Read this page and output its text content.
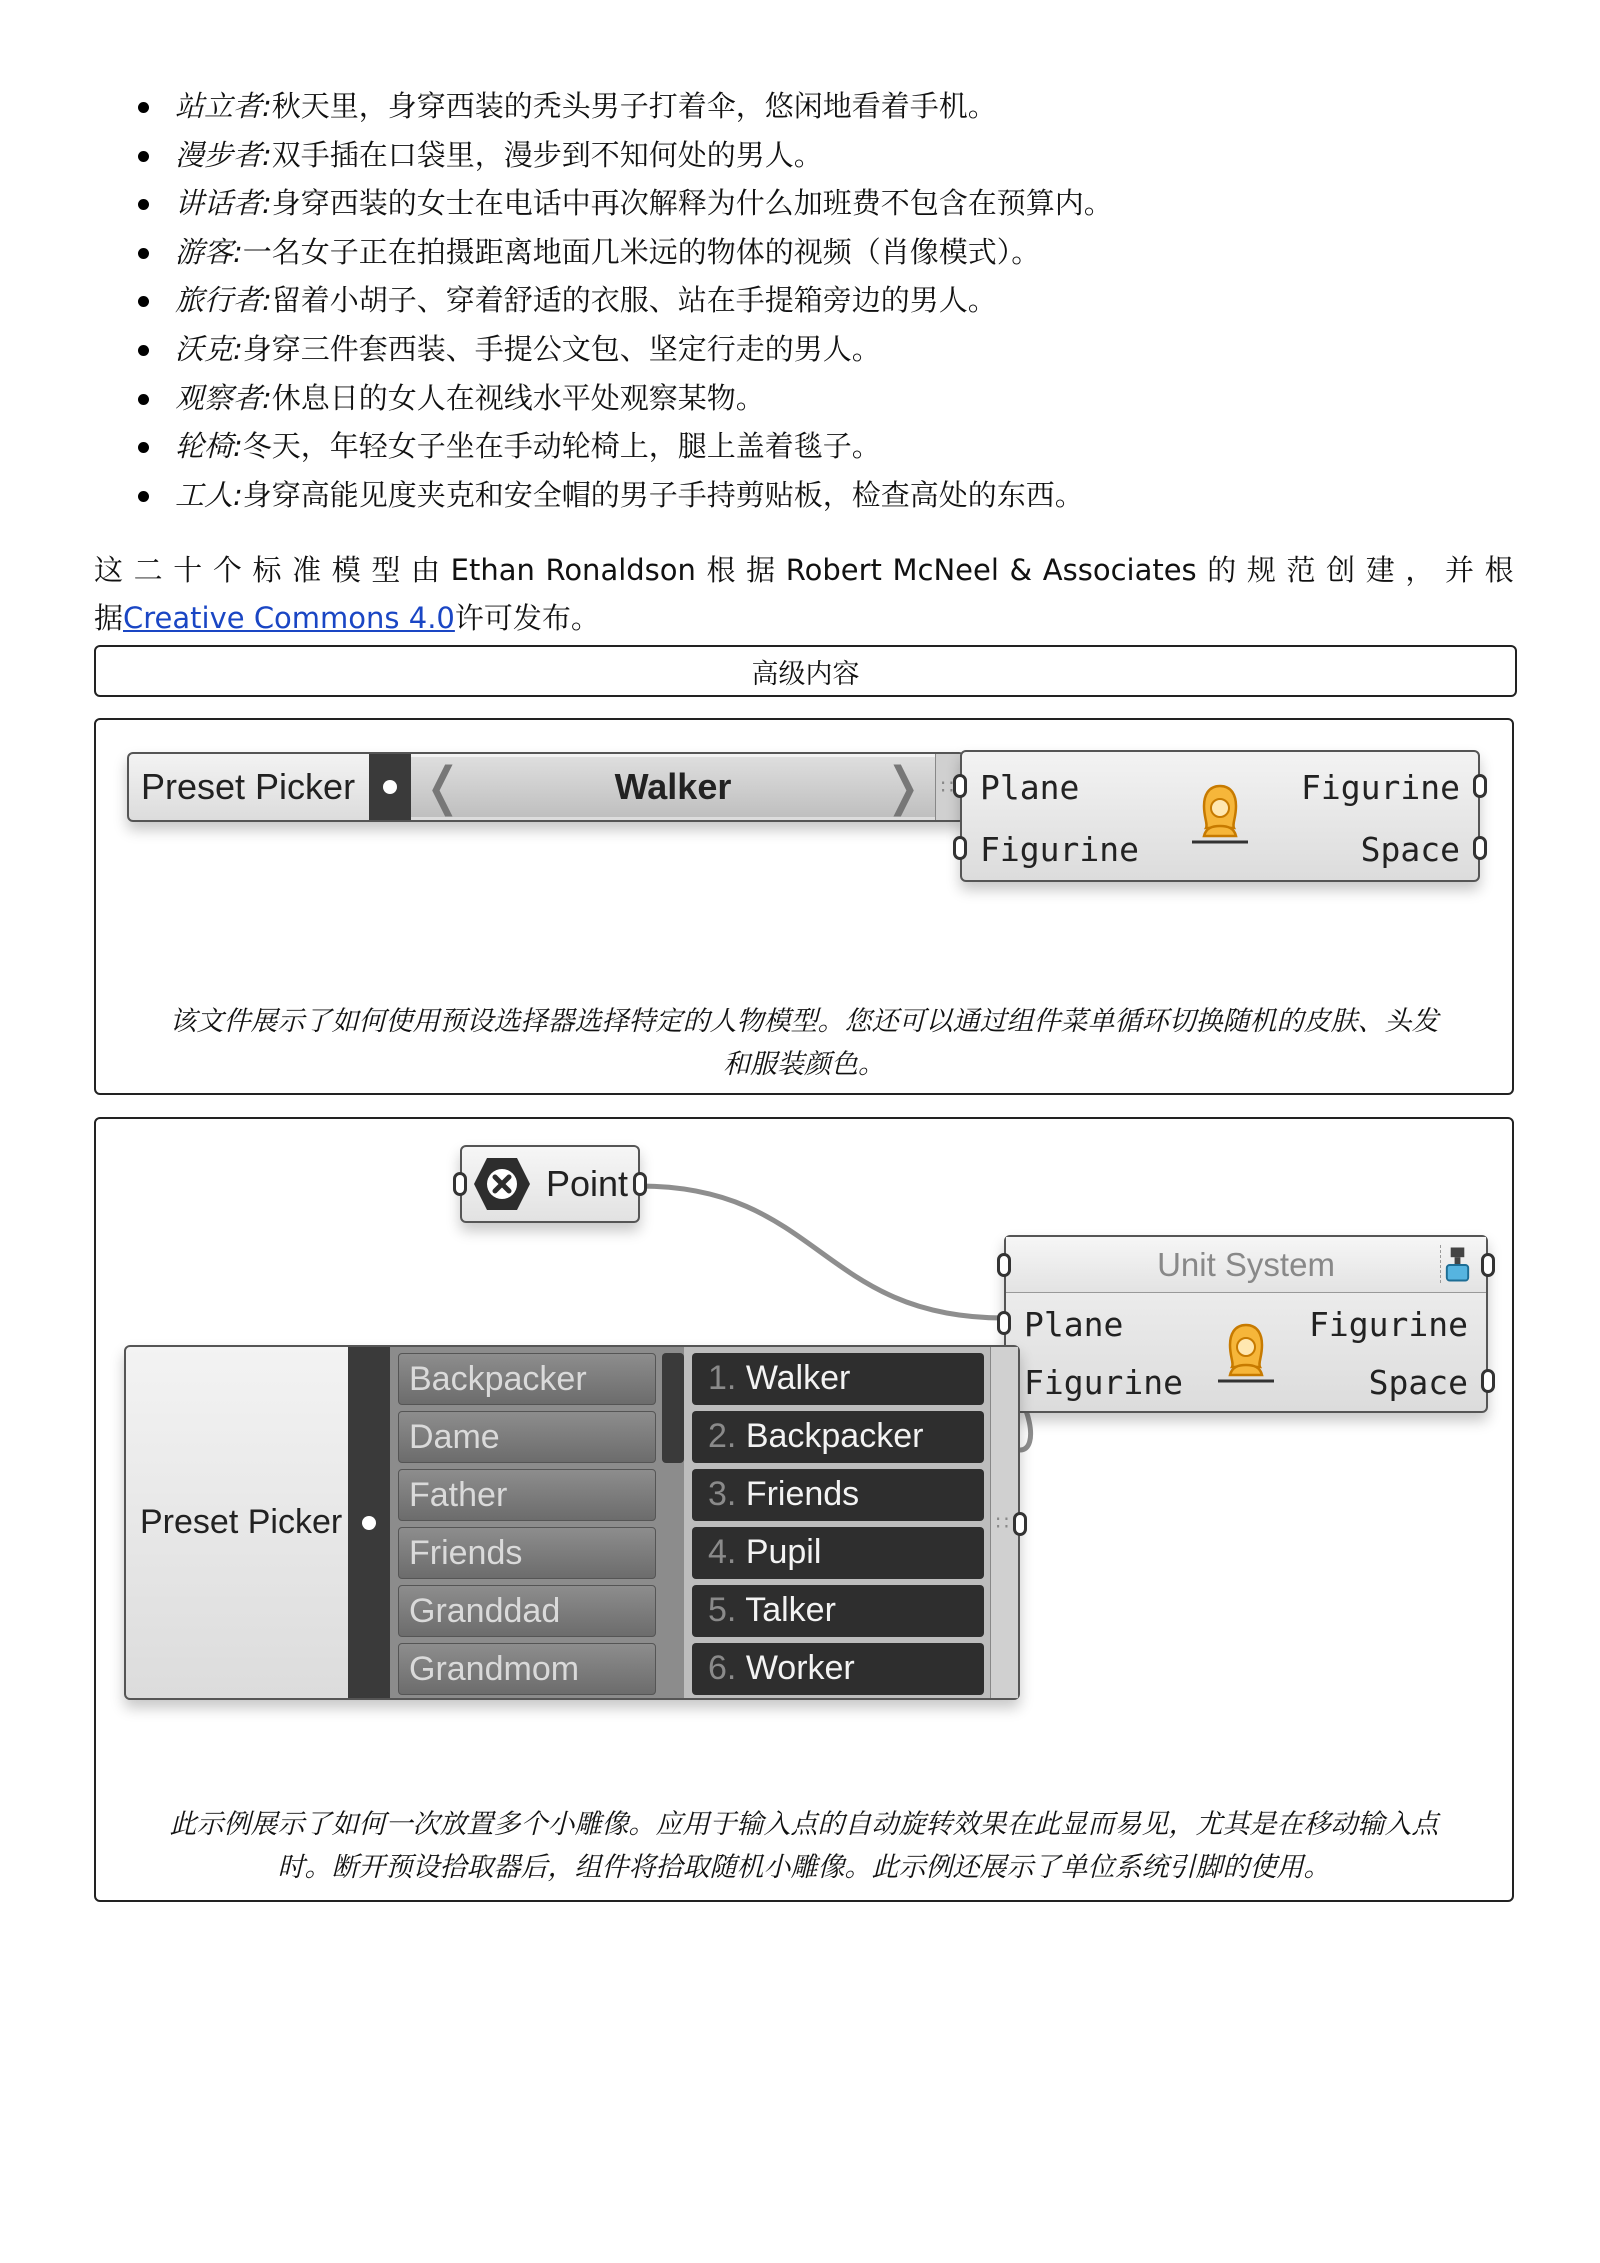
站立者:秋天里，身穿西装的秃头男子打着伞，悠闲地看着手机。
漫步者:双手插在口袋里，漫步到不知何处的男人。
讲话者:身穿西装的女士在电话中再次解释为什么加班费不包含在预算内。
游客:一名女子正在拍摄距离地面几米远的物体的视频（肖像模式）。
旅行者:留着小胡子、穿着舒适的衣服、站在手提箱旁边的男人。
沃克:身穿三件套西装、手提公文包、坚定行走的男人。
观察者:休息日的女人在视线水平处观察某物。
轮椅:冬天，年轻女子坐在手动轮椅上，腿上盖着毯子。
工人:身穿高能见度夹克和安全帽的男子手持剪贴板，检查高处的东西。
这 二 十 个 标 准 模 型 由 Ethan Ronaldson 根 据 Robert McNeel & Associates 的 规 范 创 建 ， 并 根
据Creative Commons 4.0许可发布。
高级内容
该文件展示了如何使用预设选择器选择特定的人物模型。您还可以通过组件菜单循环切换随机的皮肤、头发
和服装颜色。
Preset Picker ❬	Walker	❭
∷ Plane	Figurine
Figurine	Space
此示例展示了如何一次放置多个小雕像。应用于输入点的自动旋转效果在此显而易见，尤其是在移动输入点
时。断开预设拾取器后，组件将拾取随机小雕像。此示例还展示了单位系统引脚的使用。
Point
Unit System
Plane	Figurine
Figurine	Space
Preset Picker
Backpacker
Dame
Father
Friends
Granddad
Grandmom
1. Walker
2. Backpacker
3. Friends
4. Pupil
5. Talker
6. Worker
∷
